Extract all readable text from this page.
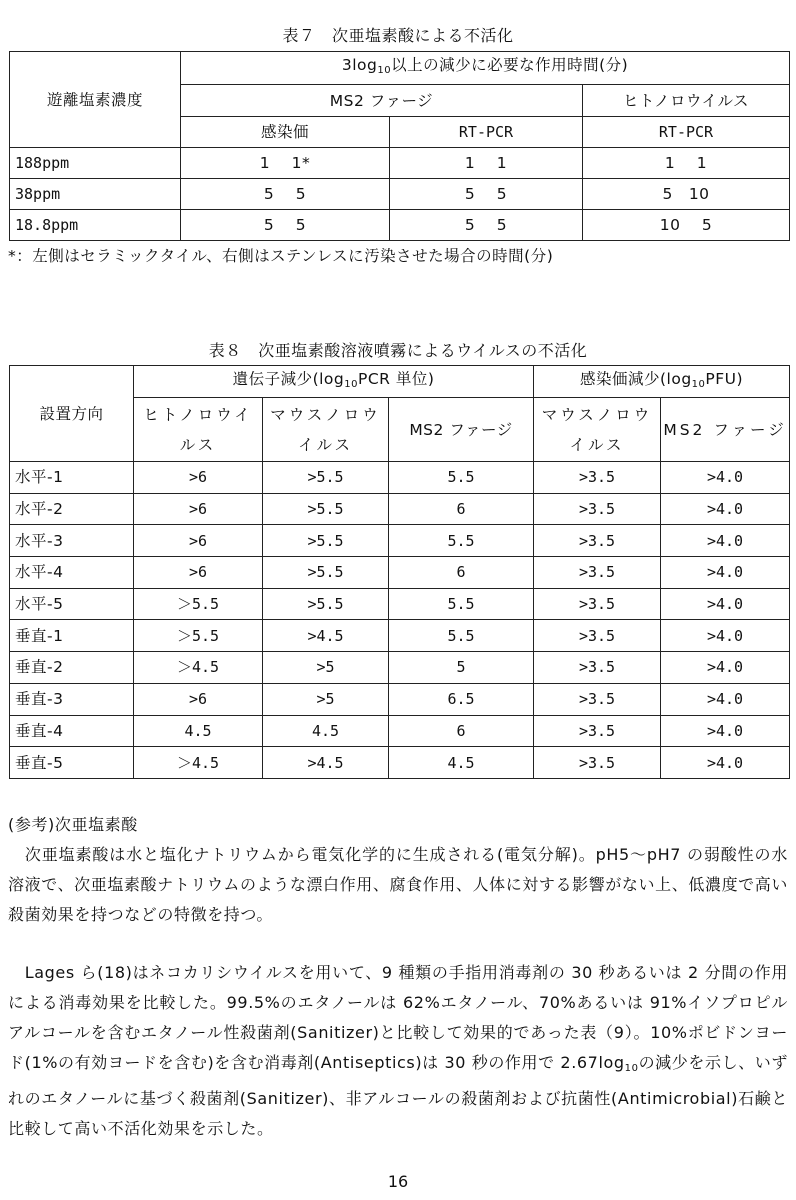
表７　次亜塩素酸による不活化
遊離塩素濃度	$3\log_{10}$以上の減少に必要な作用時間(分)		
	MS2 ファージ		ヒトノロウイルス
	感染価	RT-PCR	RT-PCR
188ppm	1　 1*	1　 1	1　 1
38ppm	5　 5	5　 5	5　10
18.8ppm	5　 5	5　 5	10　 5
*：左側はセラミックタイル、右側はステンレスに汚染させた場合の時間(分)
表８　次亜塩素酸溶液噴霧によるウイルスの不活化
設置方向	遺伝子減少($\log_{10}PCR$ 単位)			感染価減少$(\log_{10}PFU)$	
	ヒトノロウイルス	マウスノロウイルス	MS2 ファージ	マウスノロウイルス	MS2 ファージ
水平-1	>6	>5.5	5.5	>3.5	>4.0
水平-2	>6	>5.5	6	>3.5	>4.0
水平-3	>6	>5.5	5.5	>3.5	>4.0
水平-4	>6	>5.5	6	>3.5	>4.0
水平-5	＞5.5	>5.5	5.5	>3.5	>4.0
垂直-1	＞5.5	>4.5	5.5	>3.5	>4.0
垂直-2	＞4.5	>5	5	>3.5	>4.0
垂直-3	>6	>5	6.5	>3.5	>4.0
垂直-4	4.5	4.5	6	>3.5	>4.0
垂直-5	＞4.5	>4.5	4.5	>3.5	>4.0
(参考)次亜塩素酸
　次亜塩素酸は水と塩化ナトリウムから電気化学的に生成される(電気分解)。pH5～pH7 の弱酸性の水溶液で、次亜塩素酸ナトリウムのような漂白作用、腐食作用、人体に対する影響がない上、低濃度で高い殺菌効果を持つなどの特徴を持つ。
　Lages ら(18)はネコカリシウイルスを用いて、9 種類の手指用消毒剤の 30 秒あるいは 2 分間の作用による消毒効果を比較した。99.5%のエタノールは 62%エタノール、70%あるいは 91%イソプロピルアルコールを含むエタノール性殺菌剤(Sanitizer)と比較して効果的であった表（9）。10%ポビドンヨード(1%の有効ヨードを含む)を含む消毒剤(Antiseptics)は 30 秒の作用で $2.67\log_{10}$の減少を示し、いずれのエタノールに基づく殺菌剤(Sanitizer)、非アルコールの殺菌剤および抗菌性(Antimicrobial)石鹸と比較して高い不活化効果を示した。
16
